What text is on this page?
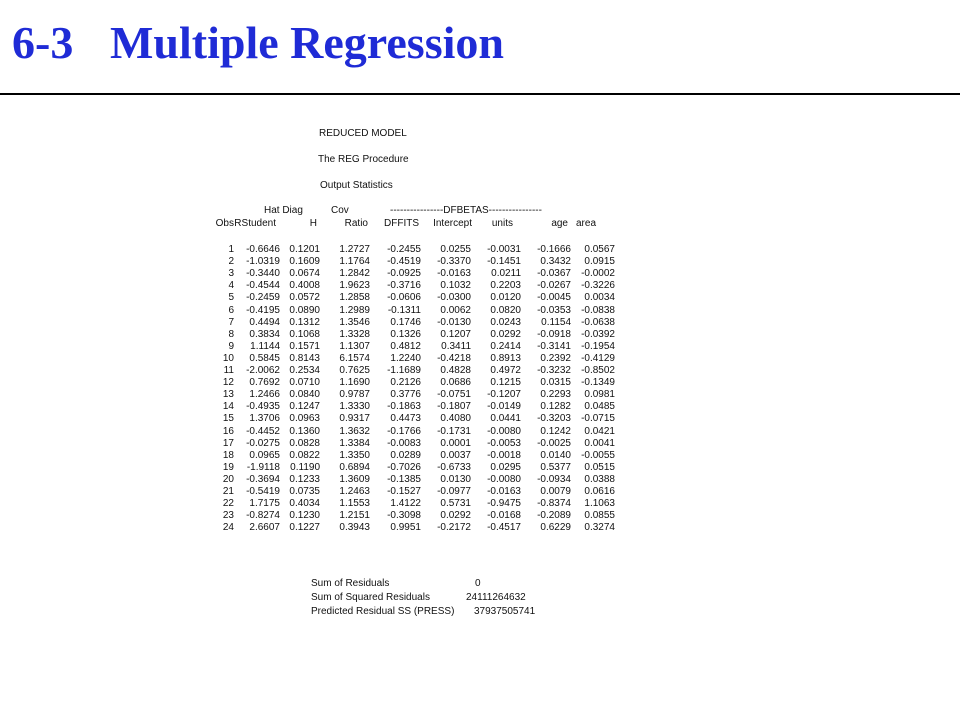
6-3 Multiple Regression
REDUCED MODEL
The REG Procedure
Output Statistics
Hat Diag	Cov	----------------DFBETAS----------------
Obs RStudent	H	Ratio DFFITS Intercept units	age area
1 -0.6646 0.1201 1.2727 -0.2455 0.0255 -0.0031 -0.1666 0.0567
2 -1.0319 0.1609 1.1764 -0.4519 -0.3370 -0.1451 0.3432 0.0915
3 -0.3440 0.0674 1.2842 -0.0925 -0.0163 0.0211 -0.0367 -0.0002
4 -0.4544 0.4008 1.9623 -0.3716 0.1032 0.2203 -0.0267 -0.3226
5 -0.2459 0.0572 1.2858 -0.0606 -0.0300 0.0120 -0.0045 0.0034
6 -0.4195 0.0890 1.2989 -0.1311 0.0062 0.0820 -0.0353 -0.0838
7 0.4494 0.1312 1.3546 0.1746 -0.0130 0.0243 0.1154 -0.0638
8 0.3834 0.1068 1.3328 0.1326 0.1207 0.0292 -0.0918 -0.0392
9 1.1144 0.1571 1.1307 0.4812 0.3411 0.2414 -0.3141 -0.1954
10 0.5845 0.8143 6.1574 1.2240 -0.4218 0.8913 0.2392 -0.4129
11 -2.0062 0.2534 0.7625 -1.1689 0.4828 0.4972 -0.3232 -0.8502
12 0.7692 0.0710 1.1690 0.2126 0.0686 0.1215 0.0315 -0.1349
13 1.2466 0.0840 0.9787 0.3776 -0.0751 -0.1207 0.2293 0.0981
14 -0.4935 0.1247 1.3330 -0.1863 -0.1807 -0.0149 0.1282 0.0485
15 1.3706 0.0963 0.9317 0.4473 0.4080 0.0441 -0.3203 -0.0715
16 -0.4452 0.1360 1.3632 -0.1766 -0.1731 -0.0080 0.1242 0.0421
17 -0.0275 0.0828 1.3384 -0.0083 0.0001 -0.0053 -0.0025 0.0041
18 0.0965 0.0822 1.3350 0.0289 0.0037 -0.0018 0.0140 -0.0055
19 -1.9118 0.1190 0.6894 -0.7026 -0.6733 0.0295 0.5377 0.0515
20 -0.3694 0.1233 1.3609 -0.1385 0.0130 -0.0080 -0.0934 0.0388
21 -0.5419 0.0735 1.2463 -0.1527 -0.0977 -0.0163 0.0079 0.0616
22 1.7175 0.4034 1.1553 1.4122 0.5731 -0.9475 -0.8374 1.1063
23 -0.8274 0.1230 1.2151 -0.3098 0.0292 -0.0168 -0.2089 0.0855
24 2.6607 0.1227 0.3943 0.9951 -0.2172 -0.4517 0.6229 0.3274
Sum of Residuals	0
Sum of Squared Residuals	24111264632
Predicted Residual SS (PRESS) 37937505741
